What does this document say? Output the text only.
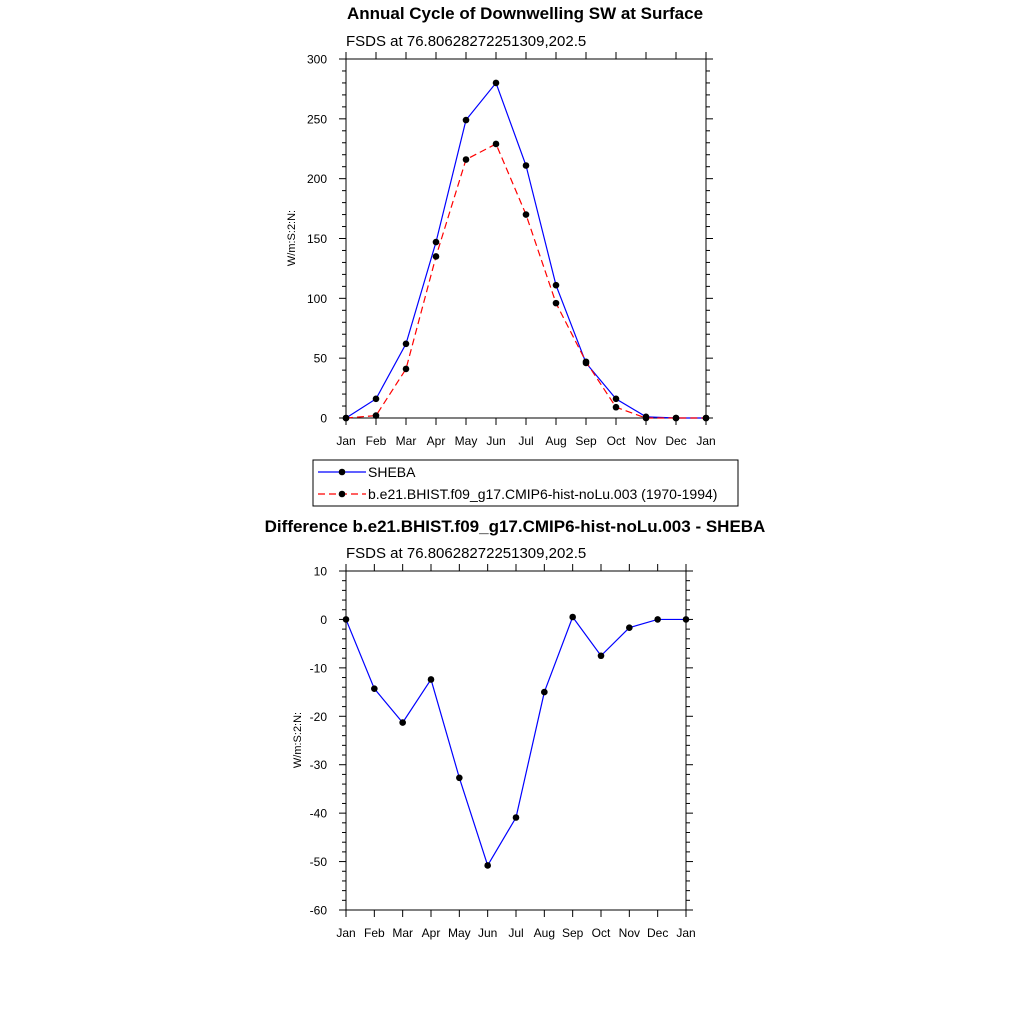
Annual Cycle of Downwelling SW at Surface
FSDS at 76.80628272251309,202.5
W/m:S:2:N:
0
50
100
150
200
250
300
Jan Feb Mar Apr May Jun Jul Aug Sep Oct Nov Dec Jan
SHEBA
b.e21.BHIST.f09_g17.CMIP6-hist-noLu.003 (1970-1994)
Difference b.e21.BHIST.f09_g17.CMIP6-hist-noLu.003 - SHEBA
FSDS at 76.80628272251309,202.5
W/m:S:2:N:
-60
-50
-40
-30
-20
-10
0
10
Jan Feb Mar Apr May Jun Jul Aug Sep Oct Nov Dec Jan
